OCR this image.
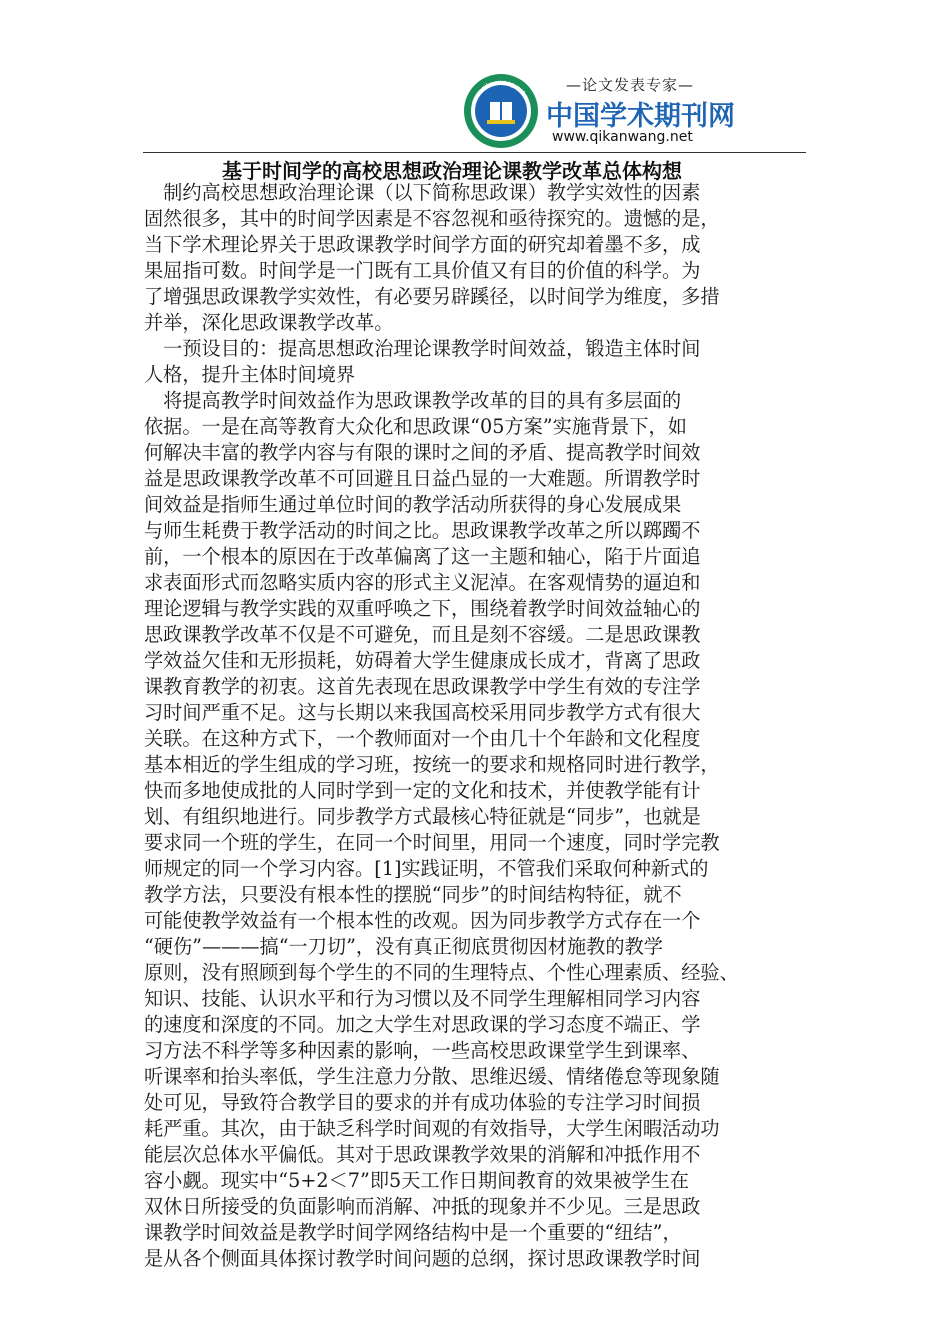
www.qikanwang.net	—论文发表专家—
中国学术期刊网
www.qikanwang.net
基于时间学的高校思想政治理论课教学改革总体构想
　制约高校思想政治理论课（以下简称思政课）教学实效性的因素
固然很多，其中的时间学因素是不容忽视和亟待探究的。遗憾的是，
当下学术理论界关于思政课教学时间学方面的研究却着墨不多，成
果屈指可数。时间学是一门既有工具价值又有目的价值的科学。为
了增强思政课教学实效性，有必要另辟蹊径，以时间学为维度，多措
并举，深化思政课教学改革。
　一预设目的：提高思想政治理论课教学时间效益，锻造主体时间
人格，提升主体时间境界
　将提高教学时间效益作为思政课教学改革的目的具有多层面的
依据。一是在高等教育大众化和思政课“05方案”实施背景下，如
何解决丰富的教学内容与有限的课时之间的矛盾、提高教学时间效
益是思政课教学改革不可回避且日益凸显的一大难题。所谓教学时
间效益是指师生通过单位时间的教学活动所获得的身心发展成果
与师生耗费于教学活动的时间之比。思政课教学改革之所以踯躅不
前，一个根本的原因在于改革偏离了这一主题和轴心，陷于片面追
求表面形式而忽略实质内容的形式主义泥淖。在客观情势的逼迫和
理论逻辑与教学实践的双重呼唤之下，围绕着教学时间效益轴心的
思政课教学改革不仅是不可避免，而且是刻不容缓。二是思政课教
学效益欠佳和无形损耗，妨碍着大学生健康成长成才，背离了思政
课教育教学的初衷。这首先表现在思政课教学中学生有效的专注学
习时间严重不足。这与长期以来我国高校采用同步教学方式有很大
关联。在这种方式下，一个教师面对一个由几十个年龄和文化程度
基本相近的学生组成的学习班，按统一的要求和规格同时进行教学，
快而多地使成批的人同时学到一定的文化和技术，并使教学能有计
划、有组织地进行。同步教学方式最核心特征就是“同步”，也就是
要求同一个班的学生，在同一个时间里，用同一个速度，同时学完教
师规定的同一个学习内容。[1]实践证明，不管我们采取何种新式的
教学方法，只要没有根本性的摆脱“同步”的时间结构特征，就不
可能使教学效益有一个根本性的改观。因为同步教学方式存在一个
“硬伤”———搞“一刀切”，没有真正彻底贯彻因材施教的教学
原则，没有照顾到每个学生的不同的生理特点、个性心理素质、经验、
知识、技能、认识水平和行为习惯以及不同学生理解相同学习内容
的速度和深度的不同。加之大学生对思政课的学习态度不端正、学
习方法不科学等多种因素的影响，一些高校思政课堂学生到课率、
听课率和抬头率低，学生注意力分散、思维迟缓、情绪倦怠等现象随
处可见，导致符合教学目的要求的并有成功体验的专注学习时间损
耗严重。其次，由于缺乏科学时间观的有效指导，大学生闲暇活动功
能层次总体水平偏低。其对于思政课教学效果的消解和冲抵作用不
容小觑。现实中“5+2＜7”即5天工作日期间教育的效果被学生在
双休日所接受的负面影响而消解、冲抵的现象并不少见。三是思政
课教学时间效益是教学时间学网络结构中是一个重要的“纽结”，
是从各个侧面具体探讨教学时间问题的总纲，探讨思政课教学时间
